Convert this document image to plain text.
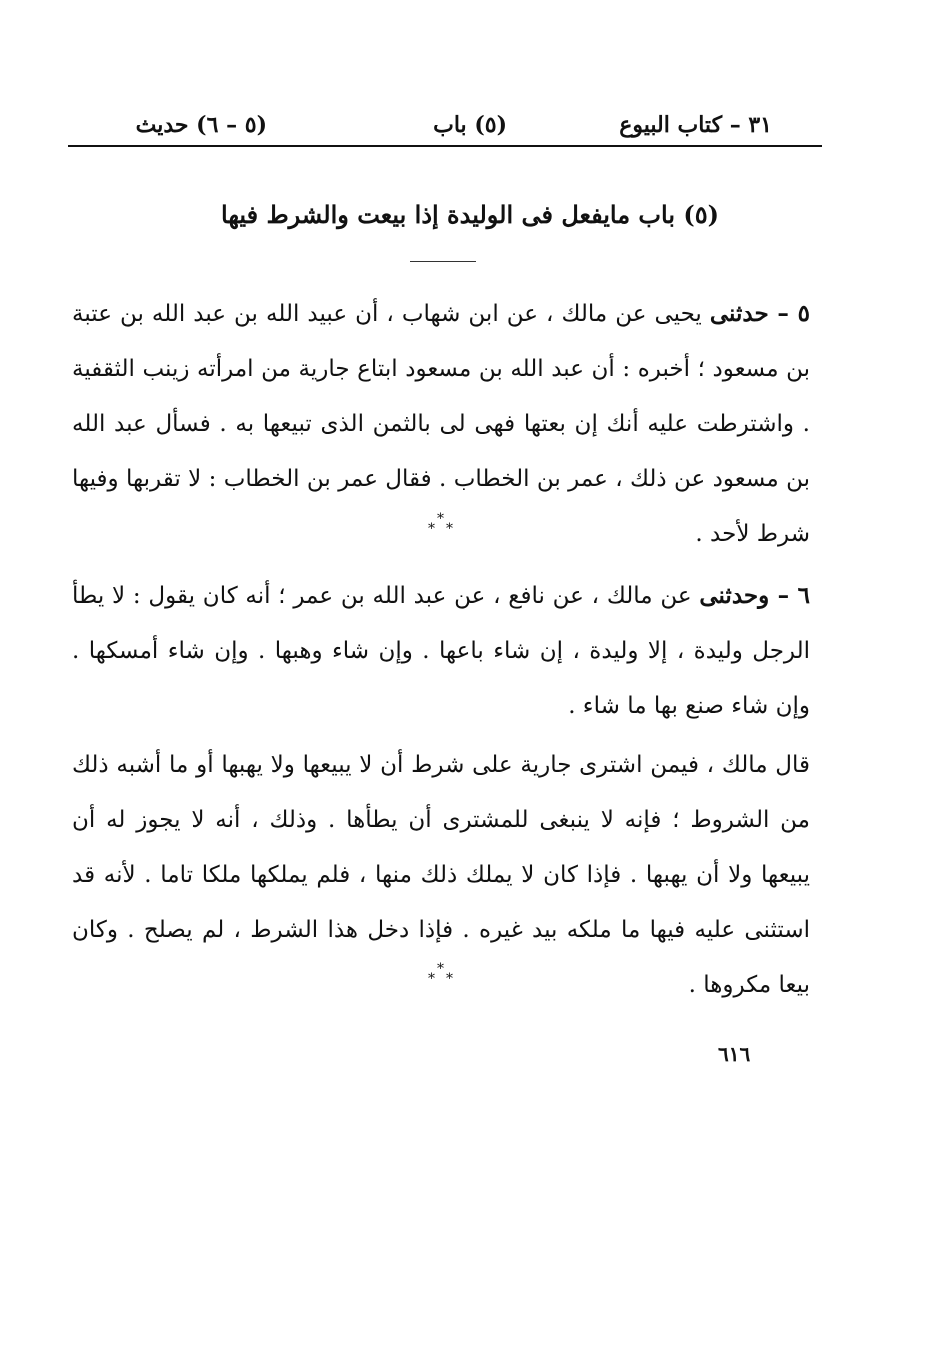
٣١ – كتاب البيوع
(٥) باب
(٥ – ٦) حديث
(٥) باب مايفعل فى الوليدة إذا بيعت والشرط فيها
٥ – حدثنى يحيى عن مالك ، عن ابن شهاب ، أن عبيد الله بن عبد الله بن عتبة بن مسعود ؛ أخبره : أن عبد الله بن مسعود ابتاع جارية من امرأته زينب الثقفية . واشترطت عليه أنك إن بعتها فهى لى بالثمن الذى تبيعها به . فسأل عبد الله بن مسعود عن ذلك ، عمر بن الخطاب . فقال عمر بن الخطاب : لا تقربها وفيها شرط لأحد .
*
* *
٦ – وحدثنى عن مالك ، عن نافع ، عن عبد الله بن عمر ؛ أنه كان يقول : لا يطأ الرجل وليدة ، إلا وليدة ، إن شاء باعها . وإن شاء وهبها . وإن شاء أمسكها . وإن شاء صنع بها ما شاء .
قال مالك ، فيمن اشترى جارية على شرط أن لا يبيعها ولا يهبها أو ما أشبه ذلك من الشروط ؛ فإنه لا ينبغى للمشترى أن يطأها . وذلك ، أنه لا يجوز له أن يبيعها ولا أن يهبها . فإذا كان لا يملك ذلك منها ، فلم يملكها ملكا تاما . لأنه قد استثنى عليه فيها ما ملكه بيد غيره . فإذا دخل هذا الشرط ، لم يصلح . وكان بيعا مكروها .
*
* *
٦١٦
